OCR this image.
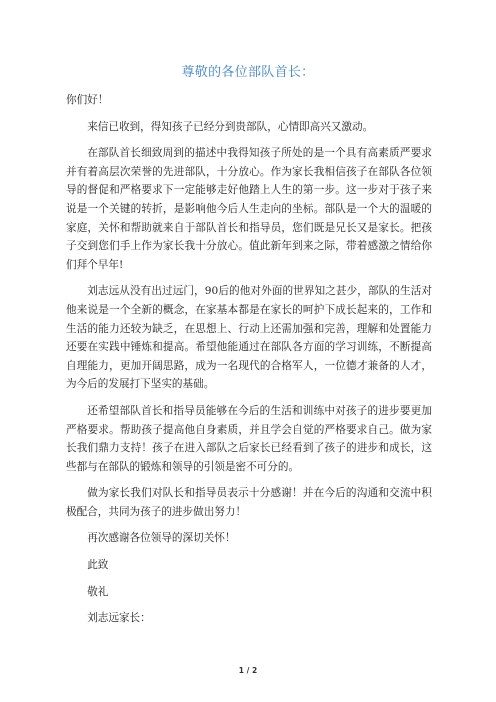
尊敬的各位部队首长：

你们好！

来信已收到，得知孩子已经分到贵部队，心情即高兴又激动。

在部队首长细致周到的描述中我得知孩子所处的是一个具有高素质严要求并有着高层次荣誉的先进部队，十分放心。作为家长我相信孩子在部队各位领导的督促和严格要求下一定能够走好他踏上人生的第一步。这一步对于孩子来说是一个关键的转折，是影响他今后人生走向的坐标。部队是一个大的温暖的家庭，关怀和帮助就来自于部队首长和指导员，您们既是兄长又是家长。把孩子交到您们手上作为家长我十分放心。值此新年到来之际，带着感激之情给你们拜个早年!

刘志远从没有出过远门，90后的他对外面的世界知之甚少，部队的生活对他来说是一个全新的概念，在家基本都是在家长的呵护下成长起来的，工作和生活的能力还较为缺乏，在思想上、行动上还需加强和完善，理解和处置能力还要在实践中锤炼和提高。希望他能通过在部队各方面的学习训练，不断提高自理能力，更加开阔思路，成为一名现代的合格军人，一位德才兼备的人才，为今后的发展打下坚实的基础。

还希望部队首长和指导员能够在今后的生活和训练中对孩子的进步要更加严格要求。帮助孩子提高他自身素质，并且学会自觉的严格要求自己。做为家长我们鼎力支持！孩子在进入部队之后家长已经看到了孩子的进步和成长，这些都与在部队的锻炼和领导的引领是密不可分的。

做为家长我们对队长和指导员表示十分感谢！并在今后的沟通和交流中积极配合，共同为孩子的进步做出努力！

再次感谢各位领导的深切关怀！

此致

敬礼

刘志远家长：

1 / 2
